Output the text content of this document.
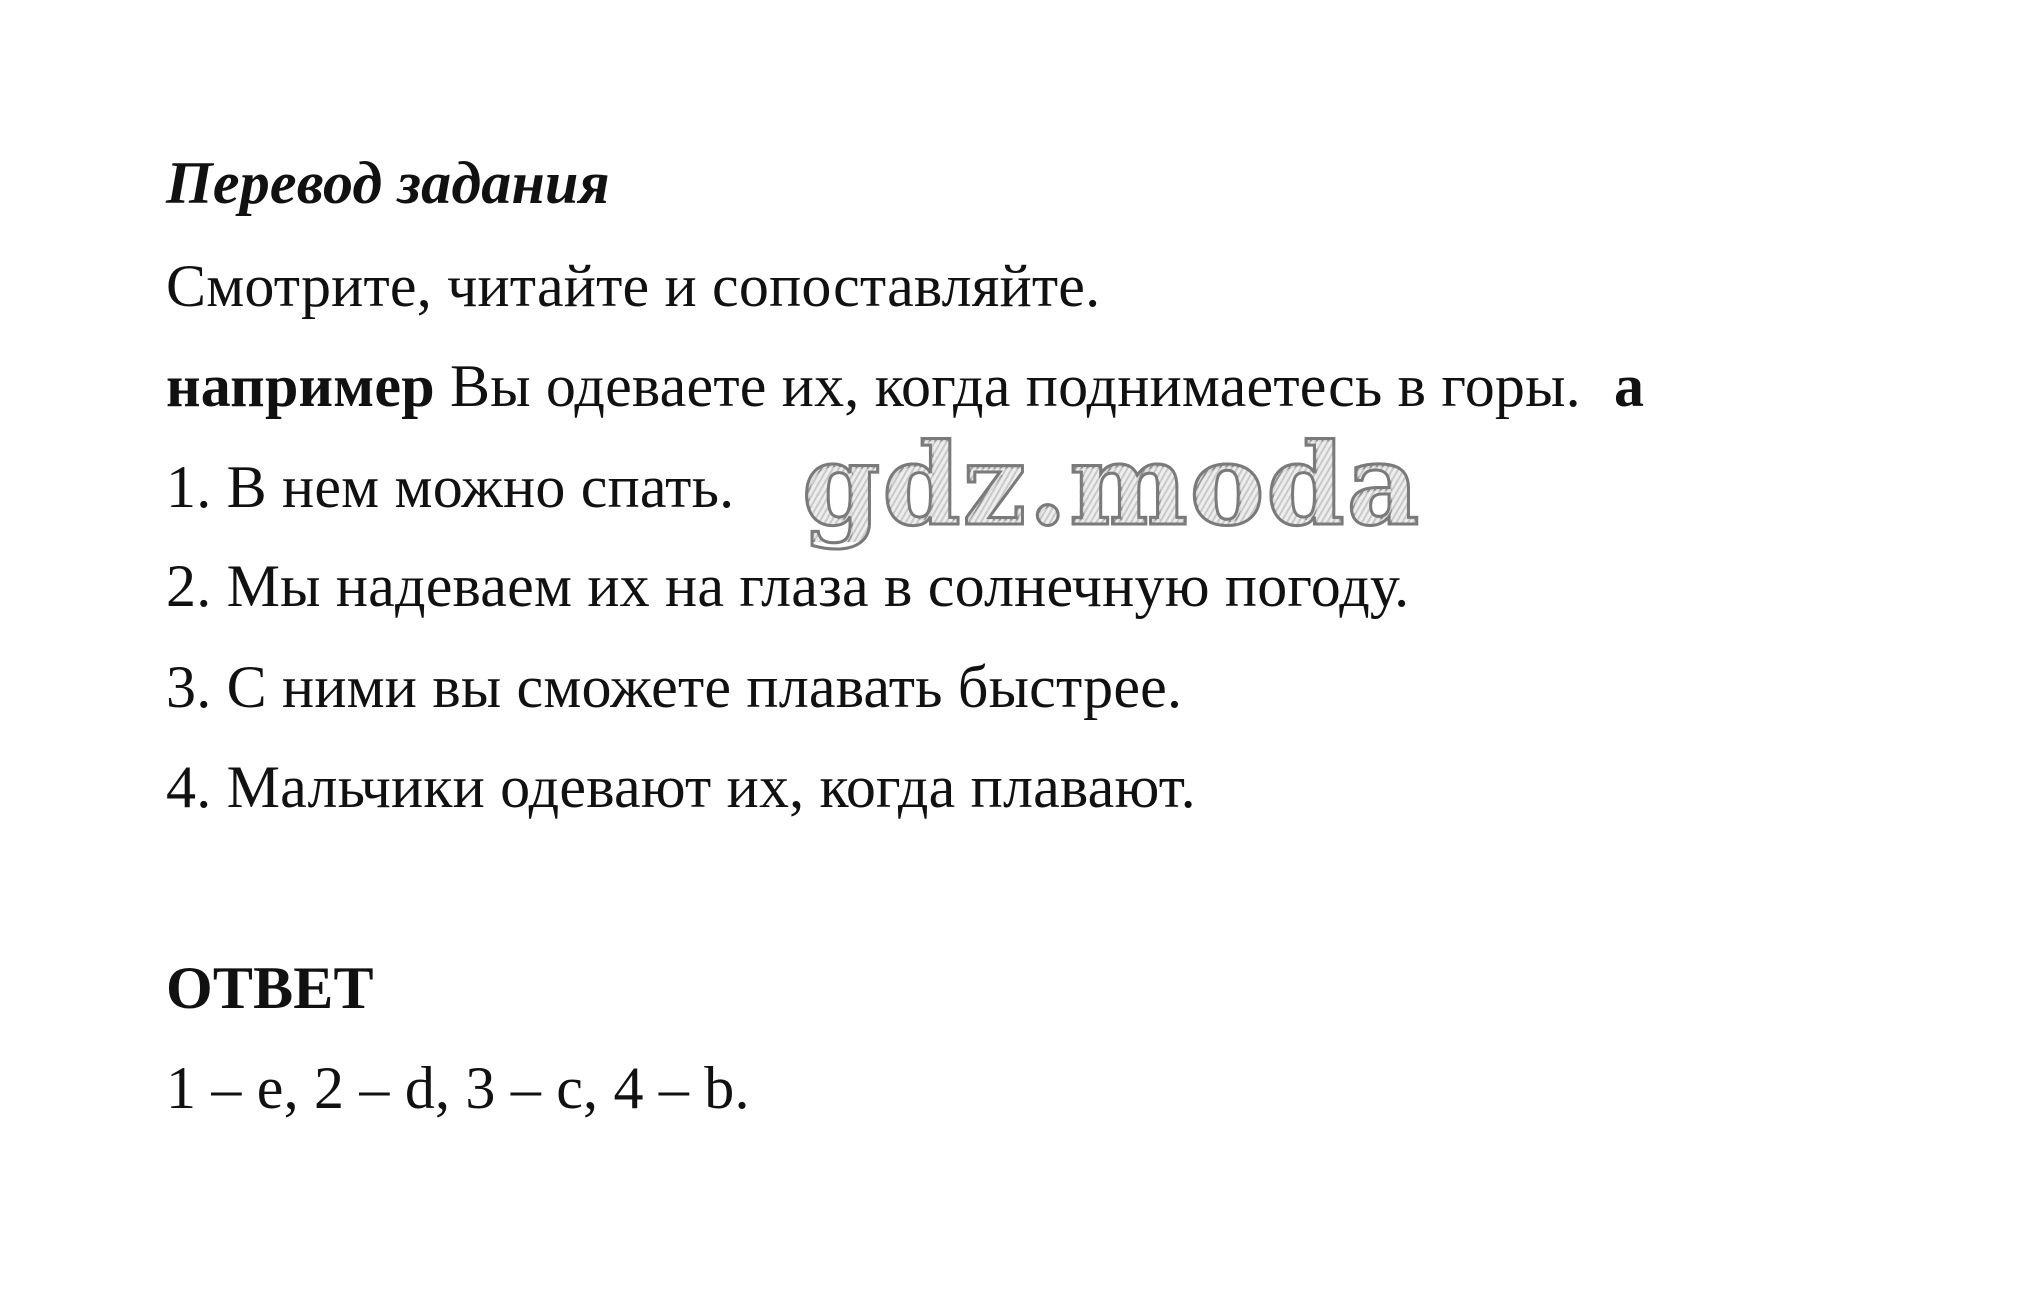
Перевод задания
Смотрите, читайте и сопоставляйте.
например Вы одеваете их, когда поднимаетесь в горы. a
1. В нем можно спать.
2. Мы надеваем их на глаза в солнечную погоду.
3. С ними вы сможете плавать быстрее.
4. Мальчики одевают их, когда плавают.
ОТВЕТ
1 – e, 2 – d, 3 – c, 4 – b.
gdz.moda
